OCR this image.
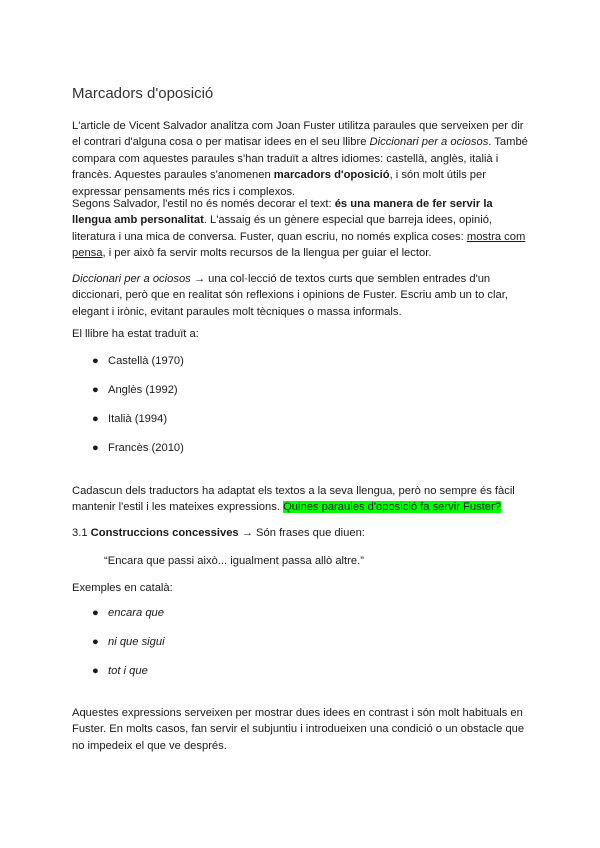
Marcadors d'oposició

L'article de Vicent Salvador analitza com Joan Fuster utilitza paraules que serveixen per dir el contrari d'alguna cosa o per matisar idees en el seu llibre Diccionari per a ociosos. També compara com aquestes paraules s'han traduït a altres idiomes: castellà, anglès, italià i francès. Aquestes paraules s'anomenen marcadors d'oposició, i són molt útils per expressar pensaments més rics i complexos.

Segons Salvador, l'estil no és només decorar el text: és una manera de fer servir la llengua amb personalitat. L'assaig és un gènere especial que barreja idees, opinió, literatura i una mica de conversa. Fuster, quan escriu, no només explica coses: mostra com pensa, i per això fa servir molts recursos de la llengua per guiar el lector.

Diccionari per a ociosos → una col·lecció de textos curts que semblen entrades d'un diccionari, però que en realitat són reflexions i opinions de Fuster. Escriu amb un to clar, elegant i irònic, evitant paraules molt tècniques o massa informals.

El llibre ha estat traduït a:

● Castellà (1970)
● Anglès (1992)
● Italià (1994)
● Francès (2010)

Cadascun dels traductors ha adaptat els textos a la seva llengua, però no sempre és fàcil mantenir l'estil i les mateixes expressions. Quines paraules d'oposició fa servir Fuster?

3.1 Construccions concessives → Són frases que diuen:

“Encara que passi això... igualment passa allò altre.”

Exemples en català:

● encara que
● ni que sigui
● tot i que

Aquestes expressions serveixen per mostrar dues idees en contrast i són molt habituals en Fuster. En molts casos, fan servir el subjuntiu i introdueixen una condició o un obstacle que no impedeix el que ve després.
